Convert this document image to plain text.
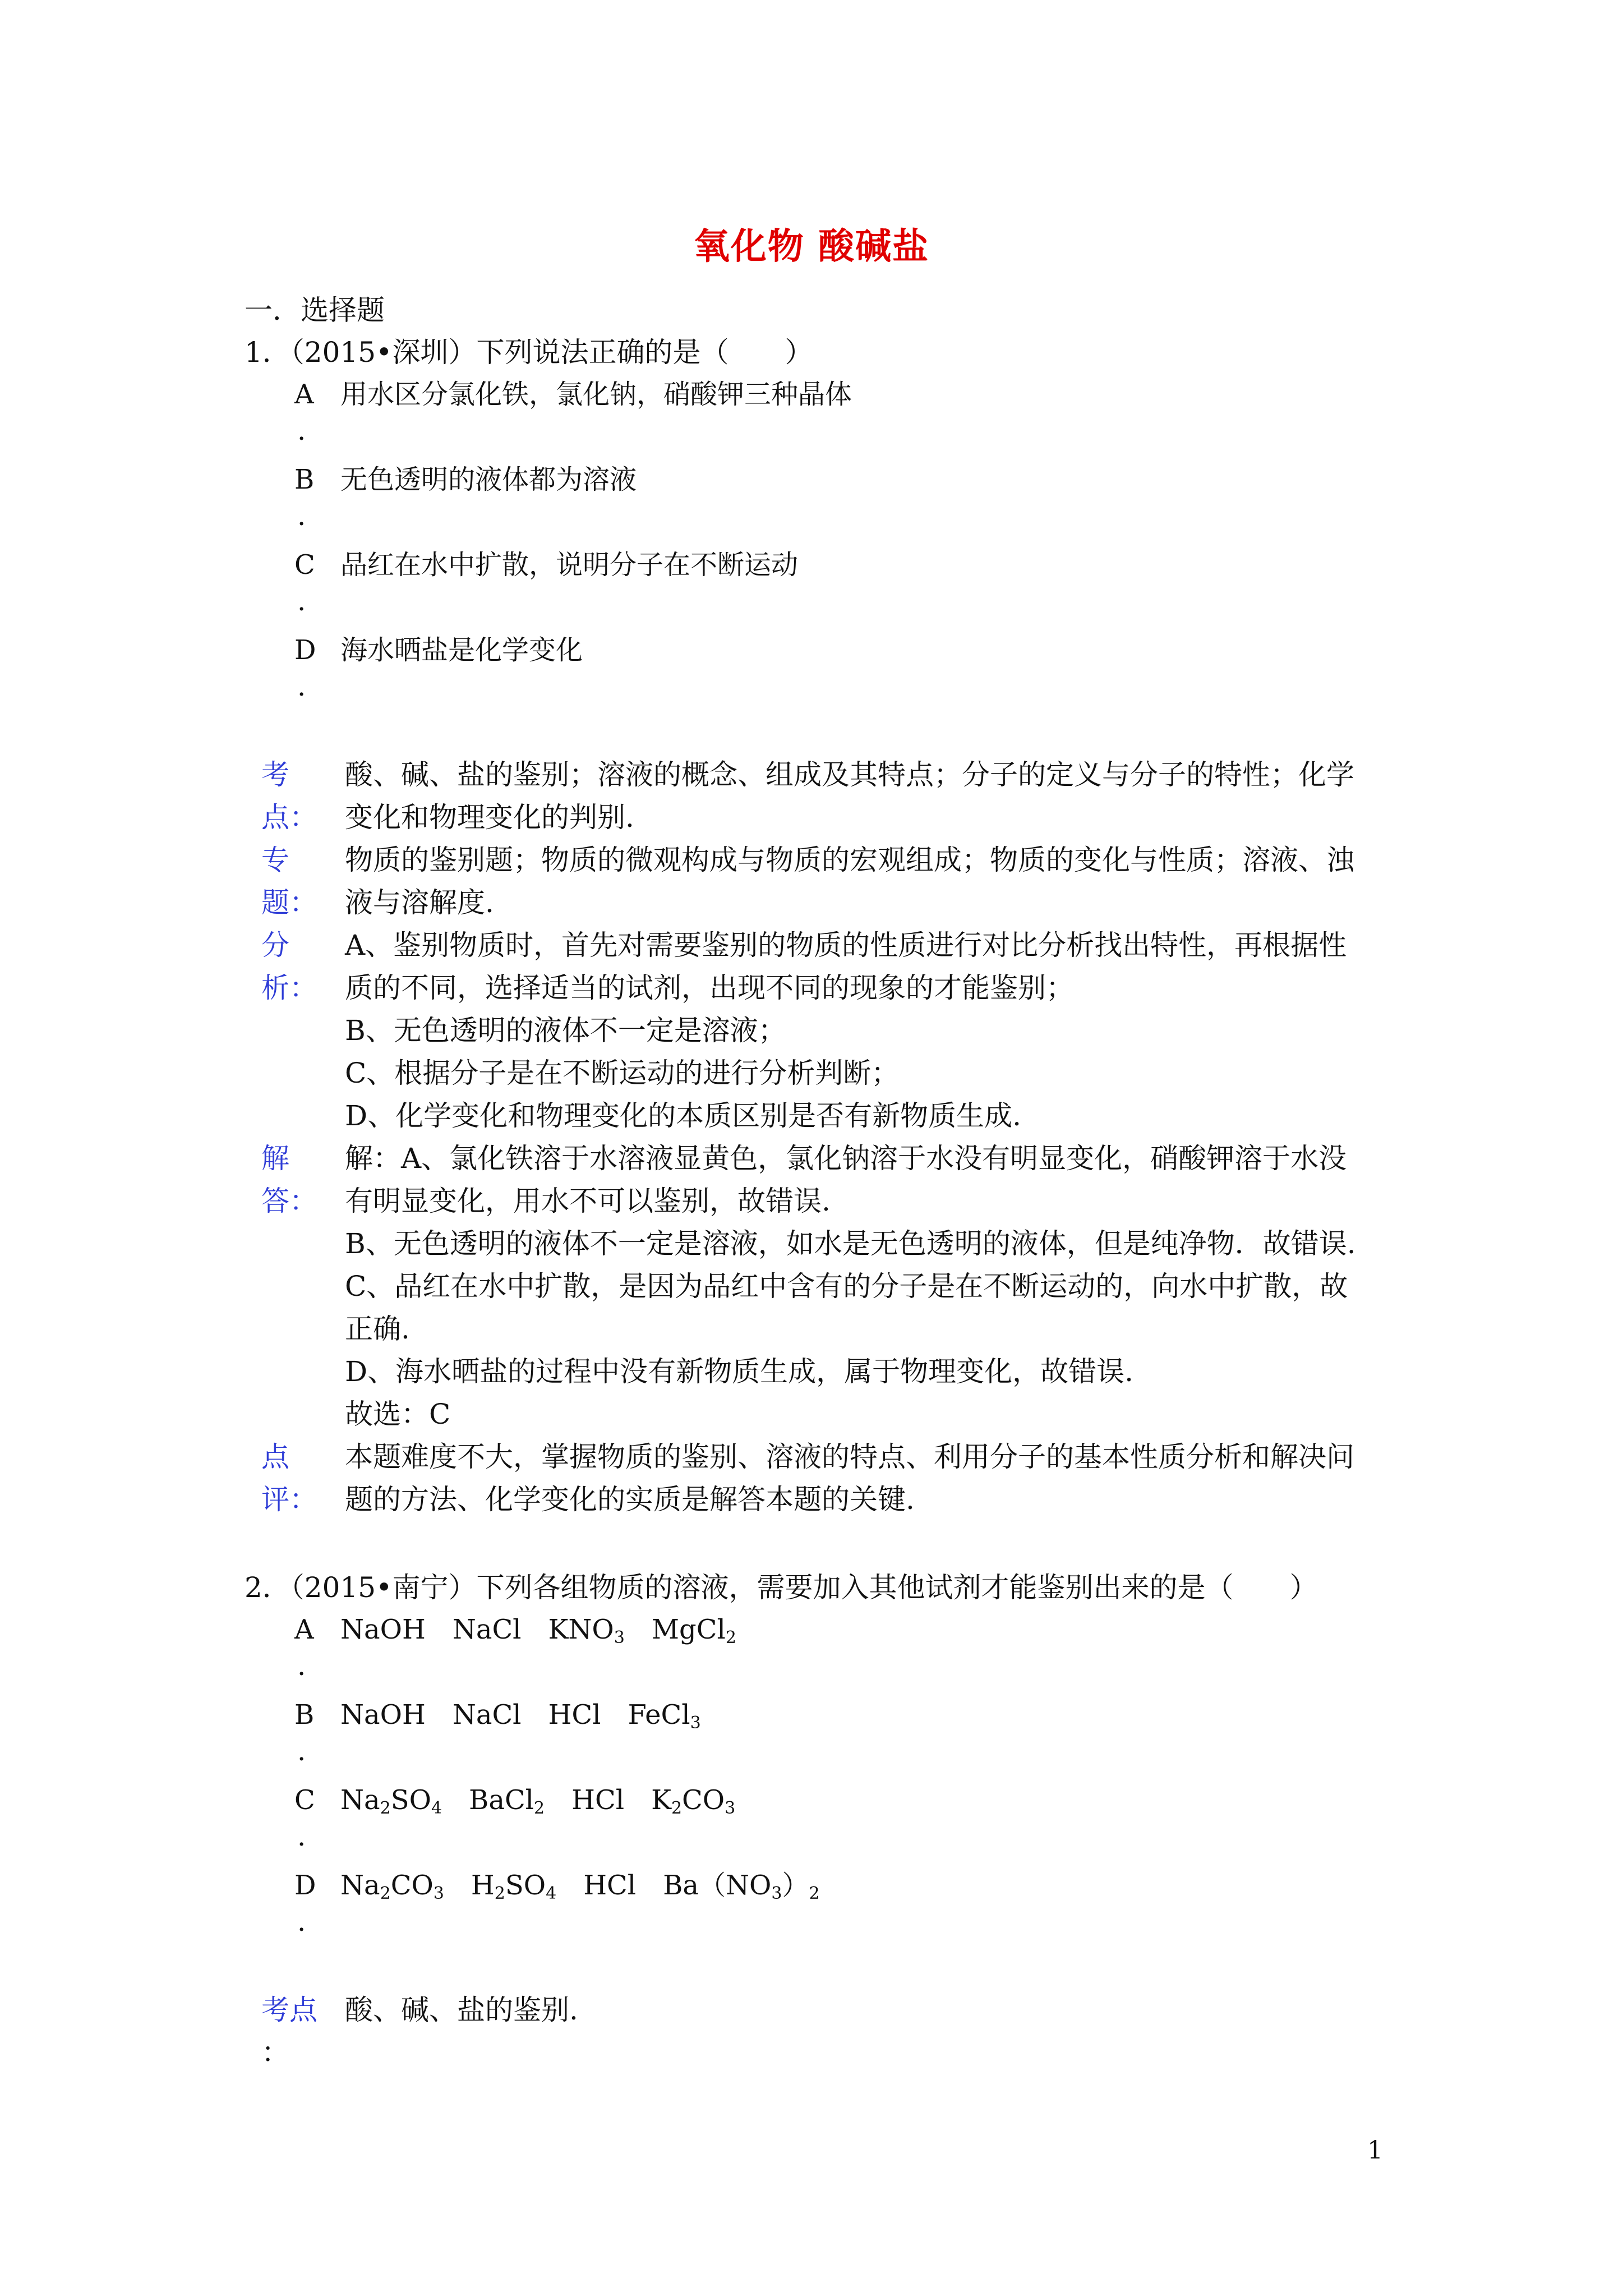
氧化物 酸碱盐
一．选择题
1．（2015•深圳）下列说法正确的是（　　）
A 用水区分氯化铁，氯化钠，硝酸钾三种晶体
.
B 无色透明的液体都为溶液
.
C 品红在水中扩散，说明分子在不断运动
.
D 海水晒盐是化学变化
.
考
点：
酸、碱、盐的鉴别；溶液的概念、组成及其特点；分子的定义与分子的特性；化学
变化和物理变化的判别.
专
题：
物质的鉴别题；物质的微观构成与物质的宏观组成；物质的变化与性质；溶液、浊
液与溶解度.
分
析：
A、鉴别物质时，首先对需要鉴别的物质的性质进行对比分析找出特性，再根据性
质的不同，选择适当的试剂，出现不同的现象的才能鉴别；
B、无色透明的液体不一定是溶液；
C、根据分子是在不断运动的进行分析判断；
D、化学变化和物理变化的本质区别是否有新物质生成.
解
答：
解：A、氯化铁溶于水溶液显黄色，氯化钠溶于水没有明显变化，硝酸钾溶于水没
有明显变化，用水不可以鉴别，故错误.
B、无色透明的液体不一定是溶液，如水是无色透明的液体，但是纯净物．故错误.
C、品红在水中扩散，是因为品红中含有的分子是在不断运动的，向水中扩散，故
正确.
D、海水晒盐的过程中没有新物质生成，属于物理变化，故错误.
故选：C
点
评：
本题难度不大，掌握物质的鉴别、溶液的特点、利用分子的基本性质分析和解决问
题的方法、化学变化的实质是解答本题的关键.
2．（2015•南宁）下列各组物质的溶液，需要加入其他试剂才能鉴别出来的是（　　）
A NaOH　NaCl　$KNO_3$　MgCl$_2$
.
B NaOH　NaCl　HCl　FeCl$_3$
.
C $Na_2SO_4$　BaCl$_2$　HCl　$K_2CO_3$
.
D $Na_2CO_3$　$H_2SO_4$　HCl　$Ba(NO_3)_2$
.
考点
：
酸、碱、盐的鉴别.
1
